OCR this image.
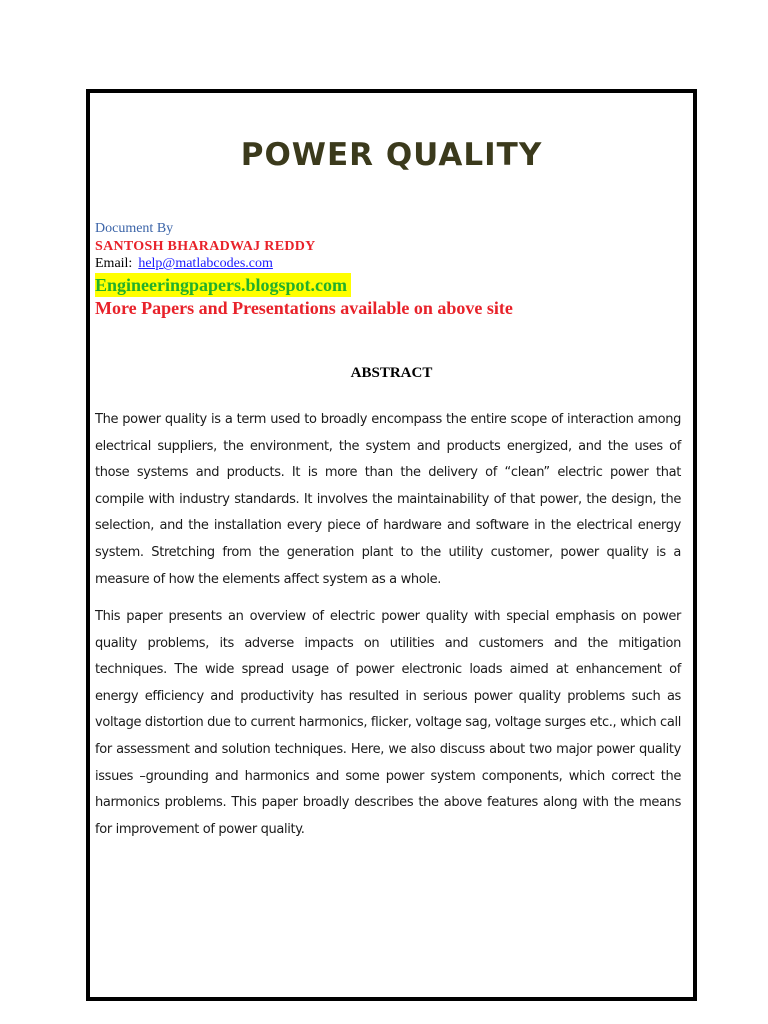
POWER QUALITY
Document By
SANTOSH BHARADWAJ REDDY
Email: help@matlabcodes.com
Engineeringpapers.blogspot.com
More Papers and Presentations available on above site
ABSTRACT

The power quality is a term used to broadly encompass the entire scope of interaction among electrical suppliers, the environment, the system and products energized, and the uses of those systems and products. It is more than the delivery of “clean” electric power that compile with industry standards. It involves the maintainability of that power, the design, the selection, and the installation every piece of hardware and software in the electrical energy system. Stretching from the generation plant to the utility customer, power quality is a measure of how the elements affect system as a whole.

This paper presents an overview of electric power quality with special emphasis on power quality problems, its adverse impacts on utilities and customers and the mitigation techniques. The wide spread usage of power electronic loads aimed at enhancement of energy efficiency and productivity has resulted in serious power quality problems such as voltage distortion due to current harmonics, flicker, voltage sag, voltage surges etc., which call for assessment and solution techniques. Here, we also discuss about two major power quality issues –grounding and harmonics and some power system components, which correct the harmonics problems. This paper broadly describes the above features along with the means for improvement of power quality.
